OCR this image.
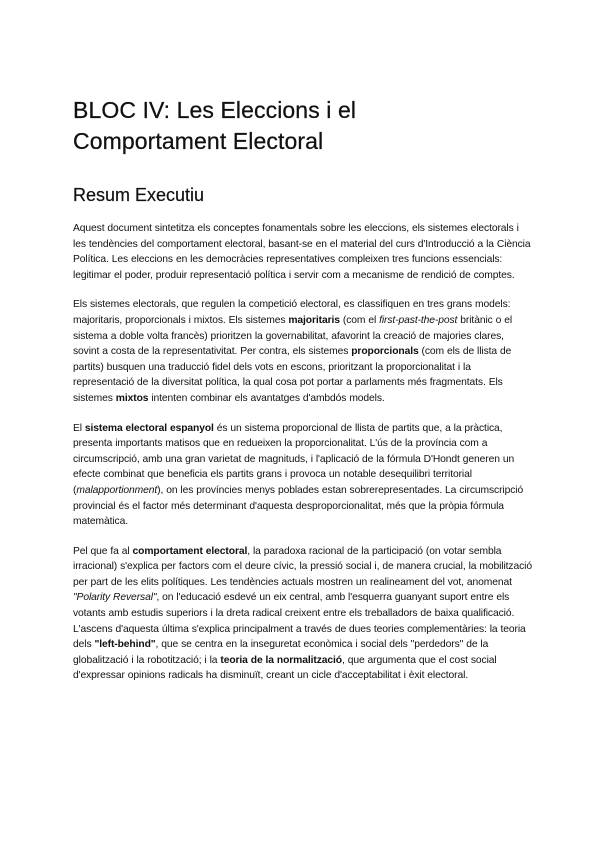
BLOC IV: Les Eleccions i el
Comportament Electoral
Resum Executiu

Aquest document sintetitza els conceptes fonamentals sobre les eleccions, els sistemes electorals i les tendències del comportament electoral, basant-se en el material del curs d'Introducció a la Ciència Política. Les eleccions en les democràcies representatives compleixen tres funcions essencials: legitimar el poder, produir representació política i servir com a mecanisme de rendició de comptes.

Els sistemes electorals, que regulen la competició electoral, es classifiquen en tres grans models: majoritaris, proporcionals i mixtos. Els sistemes majoritaris (com el first-past-the-post britànic o el sistema a doble volta francès) prioritzen la governabilitat, afavorint la creació de majories clares, sovint a costa de la representativitat. Per contra, els sistemes proporcionals (com els de llista de partits) busquen una traducció fidel dels vots en escons, prioritzant la proporcionalitat i la representació de la diversitat política, la qual cosa pot portar a parlaments més fragmentats. Els sistemes mixtos intenten combinar els avantatges d'ambdós models.

El sistema electoral espanyol és un sistema proporcional de llista de partits que, a la pràctica, presenta importants matisos que en redueixen la proporcionalitat. L'ús de la província com a circumscripció, amb una gran varietat de magnituds, i l'aplicació de la fórmula D'Hondt generen un efecte combinat que beneficia els partits grans i provoca un notable desequilibri territorial (malapportionment), on les províncies menys poblades estan sobrerepresentades. La circumscripció provincial és el factor més determinant d'aquesta desproporcionalitat, més que la pròpia fórmula matemàtica.

Pel que fa al comportament electoral, la paradoxa racional de la participació (on votar sembla irracional) s'explica per factors com el deure cívic, la pressió social i, de manera crucial, la mobilització per part de les elits polítiques. Les tendències actuals mostren un realineament del vot, anomenat "Polarity Reversal", on l'educació esdevé un eix central, amb l'esquerra guanyant suport entre els votants amb estudis superiors i la dreta radical creixent entre els treballadors de baixa qualificació. L'ascens d'aquesta última s'explica principalment a través de dues teories complementàries: la teoria dels "left-behind", que se centra en la inseguretat econòmica i social dels "perdedors" de la globalització i la robotització; i la teoria de la normalització, que argumenta que el cost social d'expressar opinions radicals ha disminuït, creant un cicle d'acceptabilitat i èxit electoral.
